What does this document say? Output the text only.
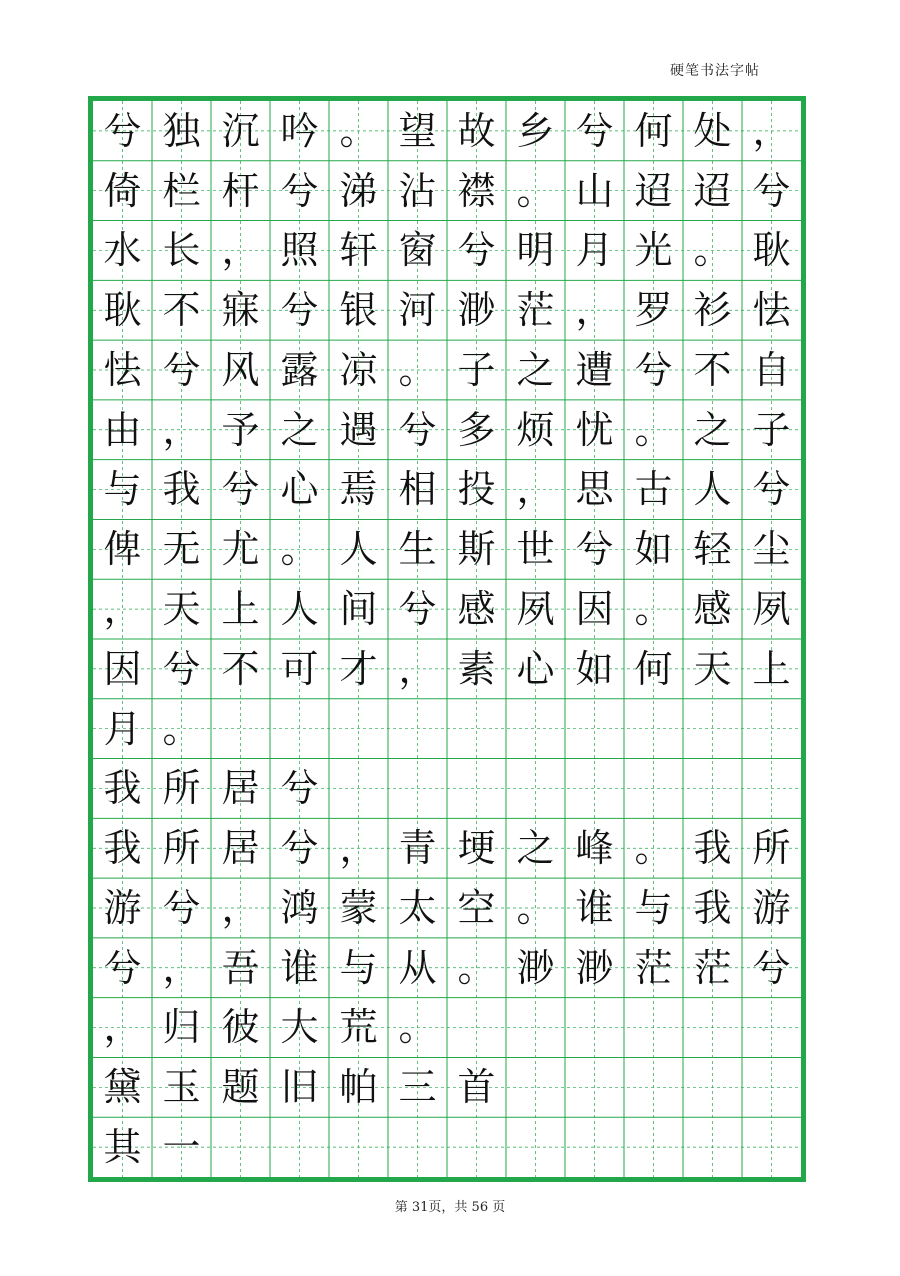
硬笔书法字帖
兮 独 沉 吟 。 望 故 乡 兮 何 处 ，
倚 栏 杆 兮 涕 沾 襟 。 山 迢 迢 兮
水 长 ， 照 轩 窗 兮 明 月 光 。 耿
耿 不 寐 兮 银 河 渺 茫 ， 罗 衫 怯
怯 兮 风 露 凉 。 子 之 遭 兮 不 自
由 ， 予 之 遇 兮 多 烦 忧 。 之 子
与 我 兮 心 焉 相 投 ， 思 古 人 兮
俾 无 尤 。 人 生 斯 世 兮 如 轻 尘
， 天 上 人 间 兮 感 夙 因 。 感 夙
因 兮 不 可 才 ， 素 心 如 何 天 上
月 。
我 所 居 兮
我 所 居 兮 ， 青 埂 之 峰 。 我 所
游 兮 ， 鸿 蒙 太 空 。 谁 与 我 游
兮 ， 吾 谁 与 从 。 渺 渺 茫 茫 兮
， 归 彼 大 荒 。
黛 玉 题 旧 帕 三 首
其 一
第 31页，共 56 页
